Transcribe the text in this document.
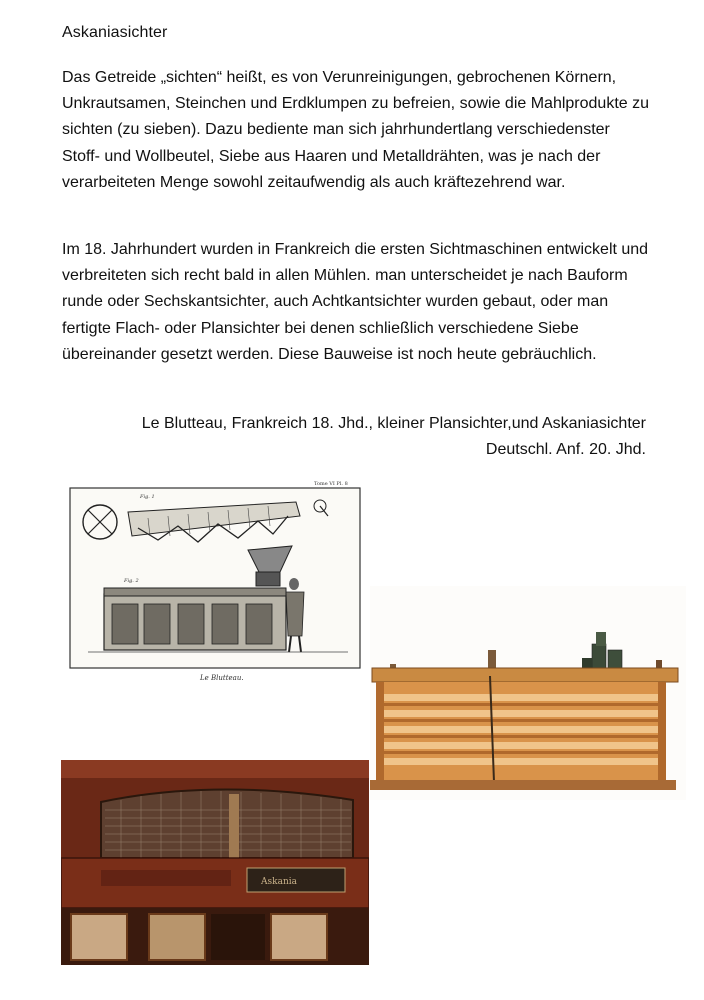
Askaniasichter
Das Getreide „sichten“ heißt, es von Verunreinigungen, gebrochenen Körnern, Unkrautsamen, Steinchen und Erdklumpen zu befreien, sowie die Mahlprodukte zu sichten (zu sieben). Dazu bediente man sich jahrhundertlang verschiedenster Stoff- und Wollbeutel, Siebe aus Haaren und Metalldrähten, was je nach der verarbeiteten Menge sowohl zeitaufwendig als auch kräftezehrend war.
Im 18. Jahrhundert wurden in Frankreich die ersten Sichtmaschinen entwickelt und verbreiteten sich recht bald in allen Mühlen. man unterscheidet je nach Bauform runde oder Sechskantsichter, auch Achtkantsichter wurden gebaut, oder man fertigte Flach- oder Plansichter bei denen schließlich verschiedene Siebe übereinander gesetzt werden. Diese Bauweise ist noch heute gebräuchlich.
Le Blutteau, Frankreich 18. Jhd., kleiner Plansichter,und Askaniasichter
Deutschl. Anf. 20. Jhd.
Tome VI Pl. 8
Fig. 1
Fig. 2
Le Blutteau.
Askania
